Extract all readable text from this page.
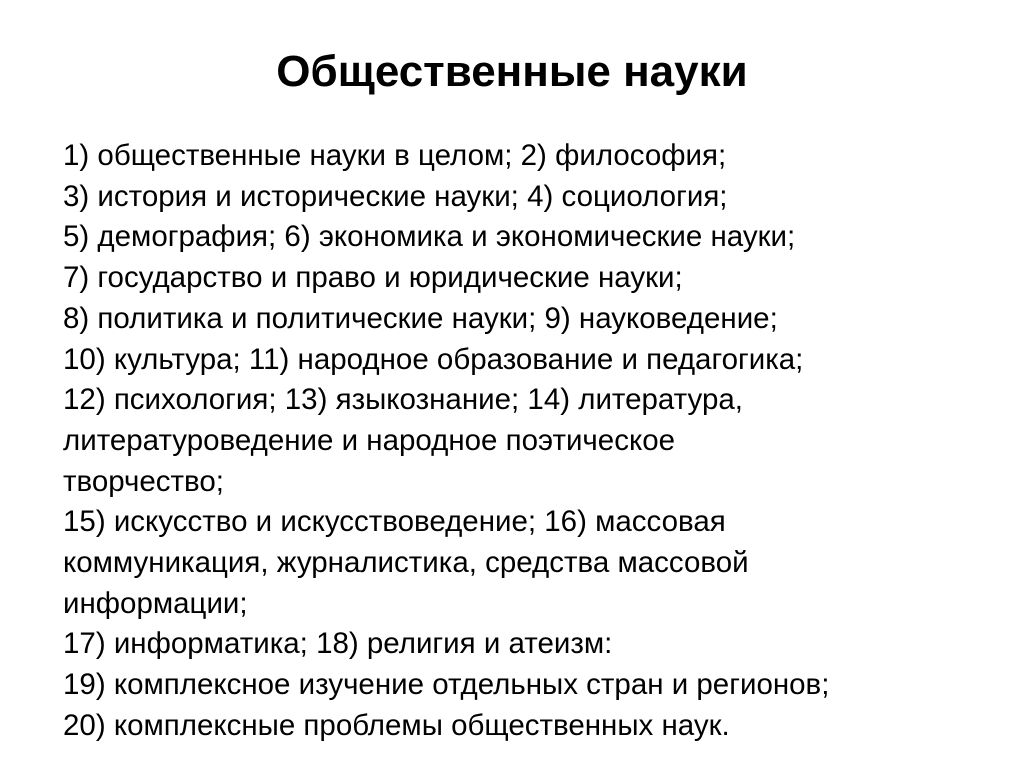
Общественные науки

1) общественные науки в целом; 2) философия;

3) история и исторические науки; 4) социология;

5) демография; 6) экономика и экономические науки;

7) государство и право и юридические науки;

8) политика и политические науки; 9) науковедение;

10) культура; 11) народное образование и педагогика;

12) психология; 13) языкознание; 14) литература,

литературоведение и народное поэтическое

творчество;

15) искусство и искусствоведение; 16) массовая

коммуникация, журналистика, средства массовой

информации;

17) информатика; 18) религия и атеизм:

19) комплексное изучение отдельных стран и регионов;

20) комплексные проблемы общественных наук.
